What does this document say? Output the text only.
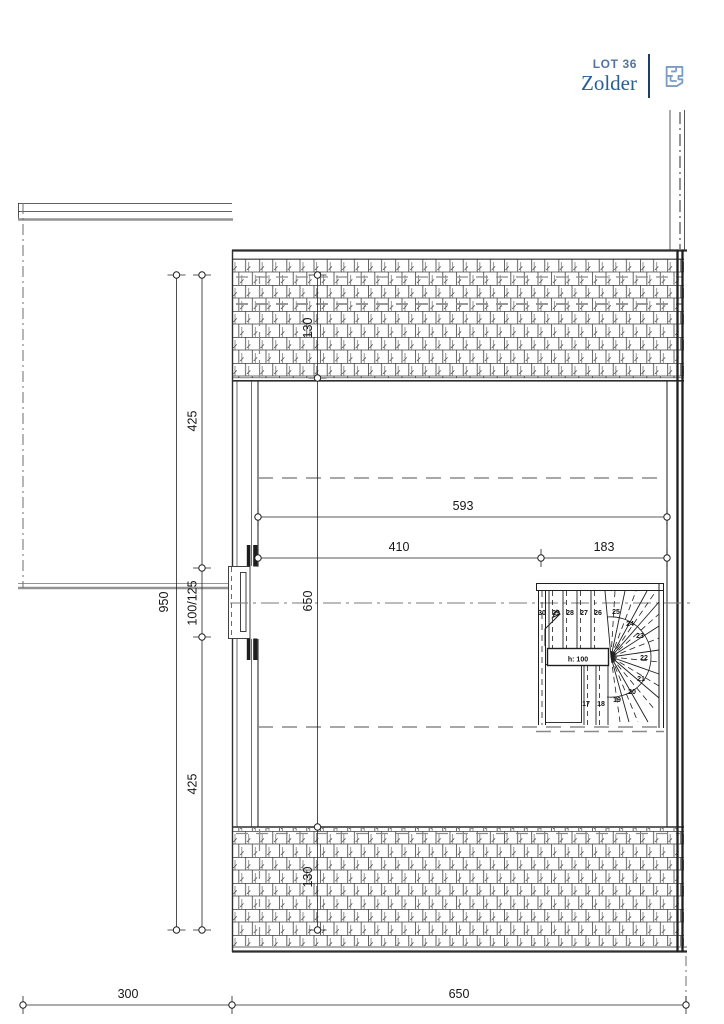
h: 100
30 29 28 27 26 25
24
23
22
21
20
19
18
17
950
425
100/125
425
130
650
130
593
410	183
300	650
LOT 36
Zolder
